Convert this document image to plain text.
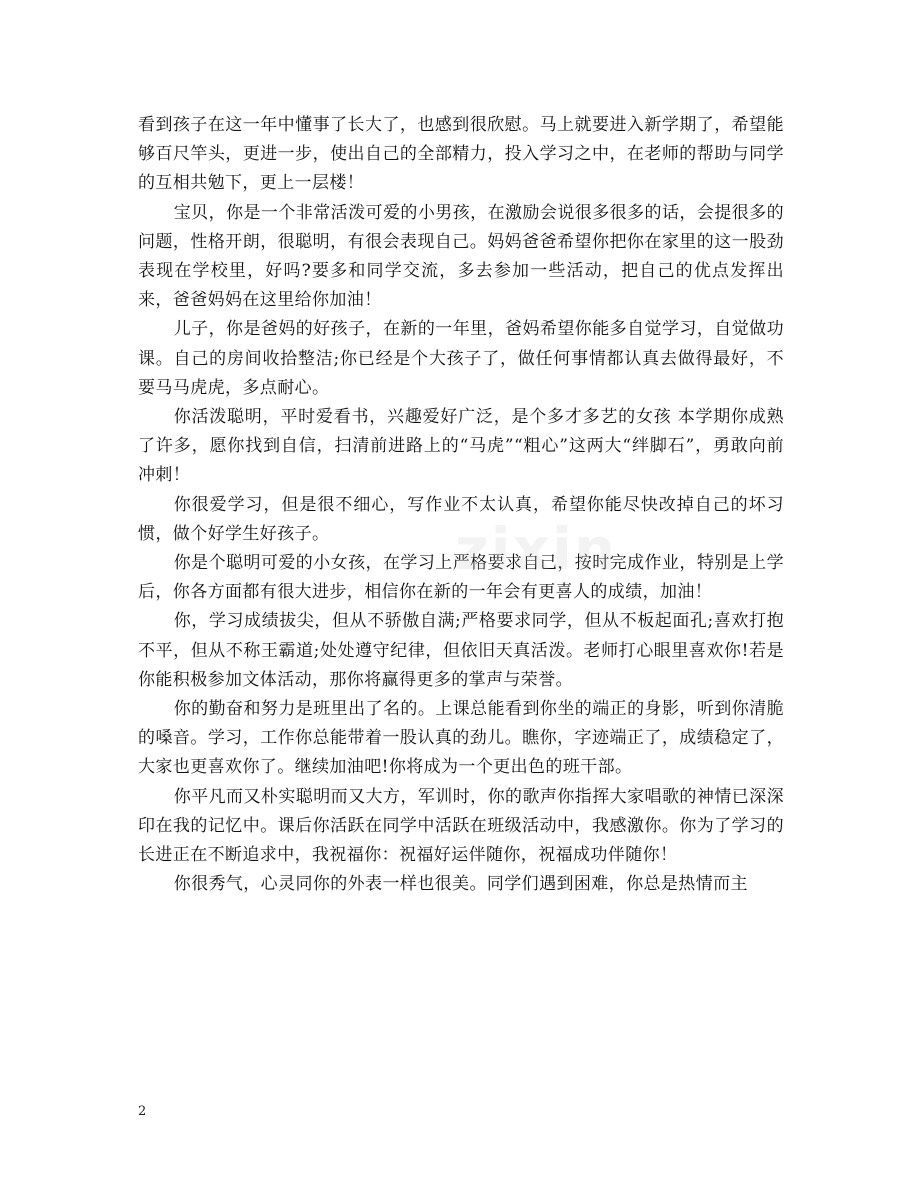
看到孩子在这一年中懂事了长大了，也感到很欣慰。马上就要进入新学期了，希望能够百尺竿头，更进一步，使出自己的全部精力，投入学习之中，在老师的帮助与同学的互相共勉下，更上一层楼！

宝贝，你是一个非常活泼可爱的小男孩，在激励会说很多很多的话，会提很多的问题，性格开朗，很聪明，有很会表现自己。妈妈爸爸希望你把你在家里的这一股劲表现在学校里，好吗?要多和同学交流，多去参加一些活动，把自己的优点发挥出来，爸爸妈妈在这里给你加油！

儿子，你是爸妈的好孩子，在新的一年里，爸妈希望你能多自觉学习，自觉做功课。自己的房间收拾整洁;你已经是个大孩子了，做任何事情都认真去做得最好，不要马马虎虎，多点耐心。

你活泼聪明，平时爱看书，兴趣爱好广泛，是个多才多艺的女孩 本学期你成熟了许多，愿你找到自信，扫清前进路上的“马虎”“粗心”这两大“绊脚石”，勇敢向前冲刺！

你很爱学习，但是很不细心，写作业不太认真，希望你能尽快改掉自己的坏习惯，做个好学生好孩子。

你是个聪明可爱的小女孩，在学习上严格要求自己，按时完成作业，特别是上学后，你各方面都有很大进步，相信你在新的一年会有更喜人的成绩，加油！

你，学习成绩拔尖，但从不骄傲自满;严格要求同学，但从不板起面孔;喜欢打抱不平，但从不称王霸道;处处遵守纪律，但依旧天真活泼。老师打心眼里喜欢你!若是你能积极参加文体活动，那你将赢得更多的掌声与荣誉。

你的勤奋和努力是班里出了名的。上课总能看到你坐的端正的身影，听到你清脆的嗓音。学习，工作你总能带着一股认真的劲儿。瞧你，字迹端正了，成绩稳定了，大家也更喜欢你了。继续加油吧!你将成为一个更出色的班干部。

你平凡而又朴实聪明而又大方，军训时，你的歌声你指挥大家唱歌的神情已深深印在我的记忆中。课后你活跃在同学中活跃在班级活动中，我感激你。你为了学习的长进正在不断追求中，我祝福你：祝福好运伴随你，祝福成功伴随你！

你很秀气，心灵同你的外表一样也很美。同学们遇到困难，你总是热情而主

zixin
2
